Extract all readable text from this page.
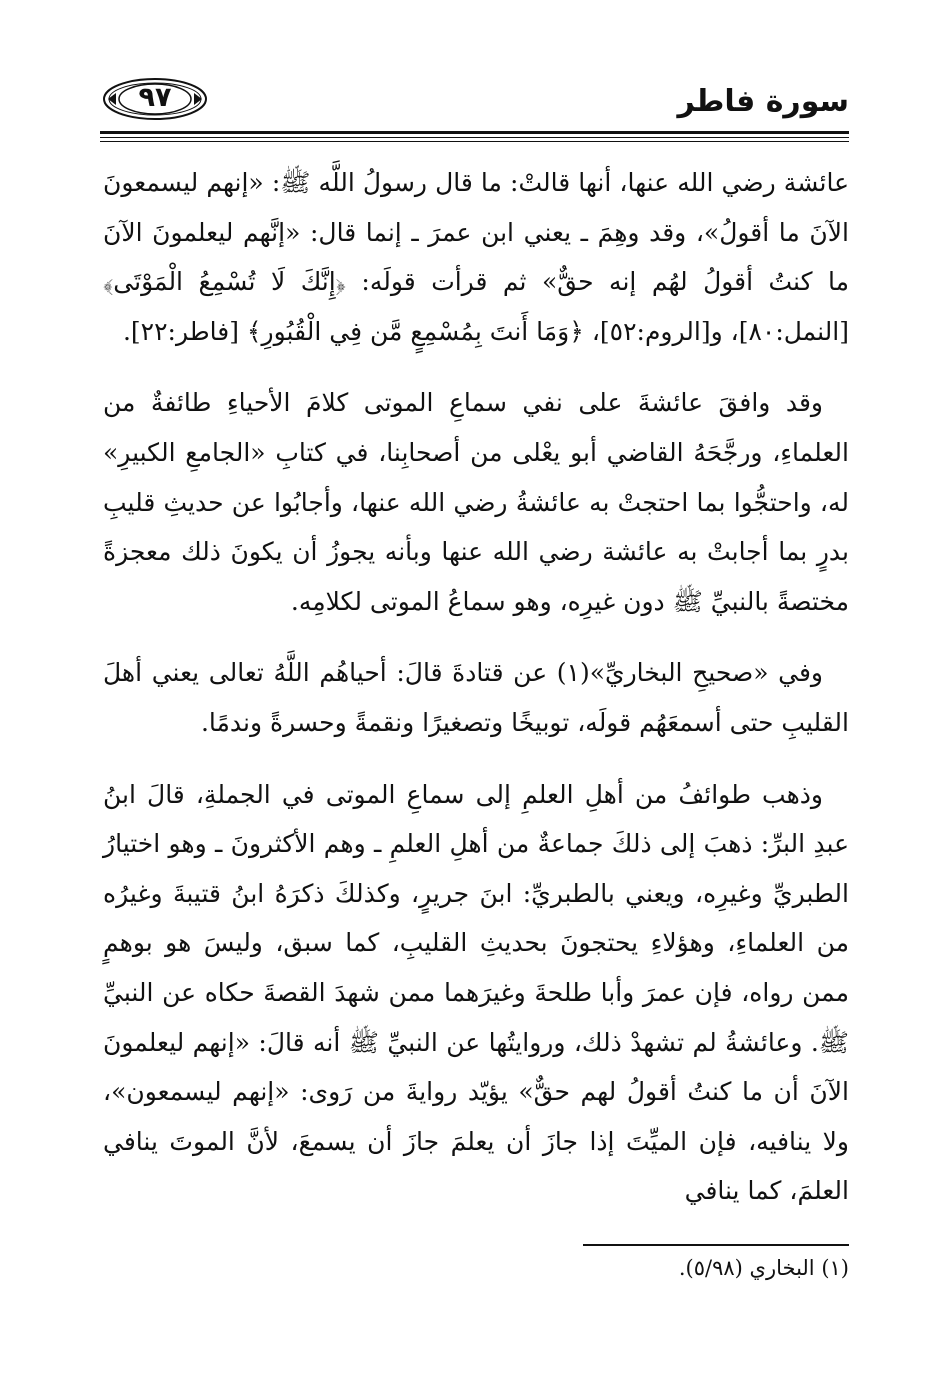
سورة فاطر
٩٧

عائشة رضي الله عنها، أنها قالتْ: ما قال رسولُ اللَّه ﷺ: «إنهم ليسمعونَ الآنَ ما أقولُ»، وقد وهِمَ ـ يعني ابن عمرَ ـ إنما قال: «إنَّهم ليعلمونَ الآنَ ما كنتُ أقولُ لهُم إنه حقٌّ» ثم قرأت قولَه: ﴿إِنَّكَ لَا تُسْمِعُ الْمَوْتَى﴾ [النمل:٨٠]، و[الروم:٥٢]، ﴿وَمَا أَنتَ بِمُسْمِعٍ مَّن فِي الْقُبُورِ﴾ [فاطر:٢٢].

وقد وافقَ عائشةَ على نفي سماعِ الموتى كلامَ الأحياءِ طائفةٌ من العلماءِ، ورجَّحَهُ القاضي أبو يعْلى من أصحابِنا، في كتابِ «الجامعِ الكبيرِ» له، واحتجُّوا بما احتجتْ به عائشةُ رضي الله عنها، وأجابُوا عن حديثِ قليبِ بدرٍ بما أجابتْ به عائشة رضي الله عنها وبأنه يجوزُ أن يكونَ ذلك معجزةً مختصةً بالنبيِّ ﷺ دون غيرِه، وهو سماعُ الموتى لكلامِه.

وفي «صحيحِ البخاريِّ»(١) عن قتادةَ قالَ: أحياهُم اللَّهُ تعالى يعني أهلَ القليبِ حتى أسمعَهُم قولَه، توبيخًا وتصغيرًا ونقمةً وحسرةً وندمًا.

وذهب طوائفُ من أهلِ العلمِ إلى سماعِ الموتى في الجملةِ، قالَ ابنُ عبدِ البرِّ: ذهبَ إلى ذلكَ جماعةٌ من أهلِ العلمِ ـ وهم الأكثرونَ ـ وهو اختيارُ الطبريِّ وغيرِه، ويعني بالطبريِّ: ابنَ جريرٍ، وكذلكَ ذكرَهُ ابنُ قتيبةَ وغيرُه من العلماءِ، وهؤلاءِ يحتجونَ بحديثِ القليبِ، كما سبق، وليسَ هو بوهمٍ ممن رواه، فإن عمرَ وأبا طلحةَ وغيرَهما ممن شهدَ القصةَ حكاه عن النبيِّ ﷺ. وعائشةُ لم تشهدْ ذلك، وروايتُها عن النبيِّ ﷺ أنه قالَ: «إنهم ليعلمونَ الآنَ أن ما كنتُ أقولُ لهم حقٌّ» يؤيّد روايةَ من رَوى: «إنهم ليسمعون»، ولا ينافيه، فإن الميِّتَ إذا جازَ أن يعلمَ جازَ أن يسمعَ، لأنَّ الموتَ ينافي العلمَ، كما ينافي

(١) البخاري (٥/٩٨).
